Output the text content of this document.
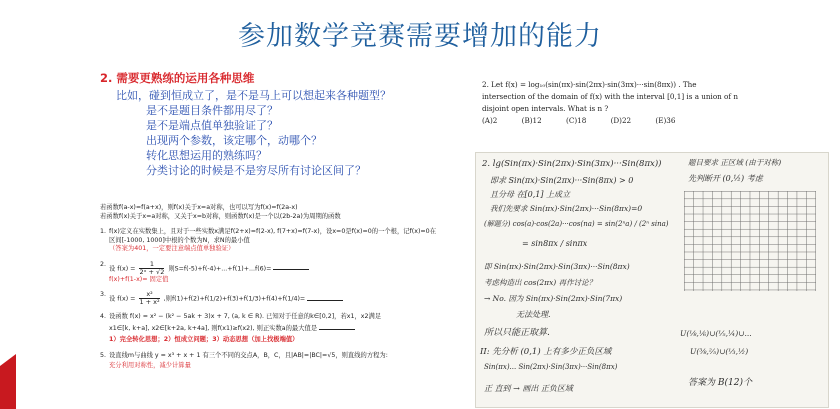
参加数学竞赛需要增加的能力
2. 需要更熟练的运用各种思维
比如，碰到恒成立了，是不是马上可以想起来各种题型？
是不是题目条件都用尽了？
是不是端点值单独验证了？
出现两个参数，该定哪个，动哪个？
转化思想运用的熟练吗？
分类讨论的时候是不是穷尽所有讨论区间了？
若函数f(a-x)=f(a+x)，则f(x)关于x=a对称，也可以写为f(x)=f(2a-x)
若函数f(x)关于x=a对称，又关于x=b对称，则函数f(x)是一个以(2b-2a)为周期的函数
1. f(x)定义在实数集上，且对于一些实数x满足f(2+x)=f(2-x), f(7+x)=f(7-x)，设x=0是f(x)=0的一个根，记f(x)=0在区间[-1000, 1000]中根的个数为N，求N的最小值
（答案为401，一定要注意端点值单独验证）
2.
设 $f(x) = \frac{1}{\text{2ˣ + √2}}$ 则S=f(-5)+f(-4)+...+f(1)+...f(6)=
f(x)+f(1-x)= 固定值
3.
设 $f(x) = \frac{\text{x²}}{\text{1 + x²}}$ ,则f(1)+f(2)+f(1/2)+f(3)+f(1/3)+f(4)+f(1/4)=
4. 设函数 f(x) = x² − (k² − 5ak + 3)x + 7, (a, k ∈ R). 已知对于任意的k∈[0,2]，若x1，x2满足
x1∈[k, k+a], x2∈[k+2a, k+4a], 则f(x1)≥f(x2), 则正实数a的最大值是
1）完全转化思想；2）恒成立问题；3）动态思想（加上找极端值）
5. 设直线m与曲线 y = x³ + x + 1 有三个不同的交点A，B，C，且|AB|=|BC|=√5，则直线的方程为:
充分利用对称性，减少计算量
2. Let f(x) = log₁₀(sin(πx)·sin(2πx)·sin(3πx)···sin(8πx)) . The
intersection of the domain of f(x) with the interval [0,1] is a union of n
disjoint open intervals. What is n ?
(A)2	(B)12	(C)18	(D)22	(E)36
2. lg(Sin(πx)·Sin(2πx)·Sin(3πx)···Sin(8πx))
即求 Sin(πx)·Sin(2πx)···Sin(8πx) > 0
且分母 在[0,1] 上成立
我们先要求 Sin(πx)·Sin(2πx)···Sin(8πx)=0
(解题分) cos(a)·cos(2a)···cos(na) = sin(2ⁿa) / (2ⁿ sina)
= sin8πx / sinπx
即 Sin(πx)·Sin(2πx)·Sin(3πx)···Sin(8πx)
考虑构造出 cos(2πx) 再作讨论？
→ No. 因为 Sin(πx)·Sin(2πx)·Sin(7πx)
无法处理.
所以只能正取算.
II: 先分析 (0,1) 上有多少正负区域
Sin(πx)... Sin(2πx)·Sin(3πx)···Sin(8πx)
正 直到 → 画出 正负区域
题目要求 正区域 (由于对称)
先判断开 (0,½) 考虑
U(⅛,⅙)∪(⅕,¼)∪...
U(⅜,⅖)∪(⅓,½)
答案为 B(12)个
